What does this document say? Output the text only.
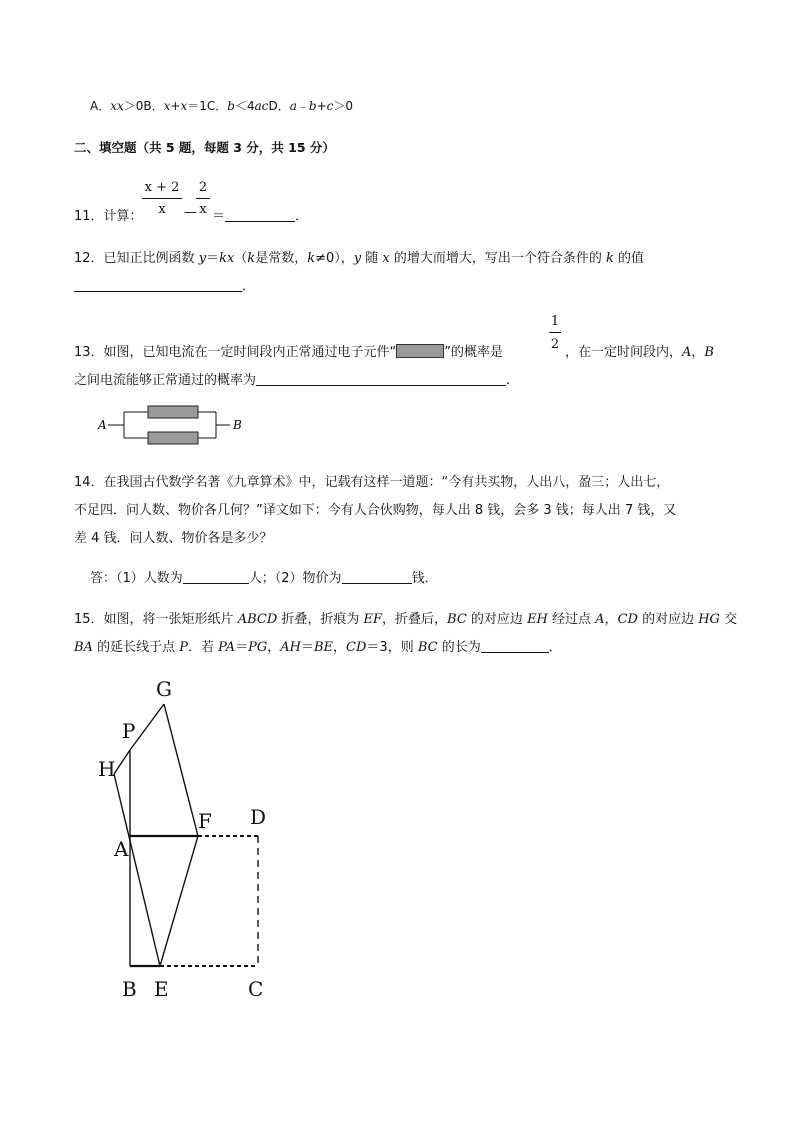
A．xx＞0B．x+x＝1C．b＜4acD．a﹣b+c＞0
二、填空题（共 5 题，每题 3 分，共 15 分）
x + 2
x	—
2
x
11．计算：	＝	．
12．已知正比例函数 y＝kx（k是常数，k≠0），y 随 x 的增大而增大，写出一个符合条件的 k 的值
．
1
2
13．如图，已知电流在一定时间段内正常通过电子元件“	”的概率是	，在一定时间段内，A，B
之间电流能够正常通过的概率为	．
A	B
14．在我国古代数学名著《九章算术》中，记载有这样一道题：“今有共买物，人出八，盈三；人出七，
不足四．问人数、物价各几何？”译文如下：今有人合伙购物，每人出 8 钱，会多 3 钱；每人出 7 钱，又
差 4 钱．问人数、物价各是多少？
答：（1）人数为	人；（2）物价为	钱．
15．如图，将一张矩形纸片 ABCD 折叠，折痕为 EF，折叠后，BC 的对应边 EH 经过点 A，CD 的对应边 HG 交
BA 的延长线于点 P．若 PA＝PG，AH＝BE，CD＝3，则 BC 的长为	．
G
P
H
F D
A
B E	C
